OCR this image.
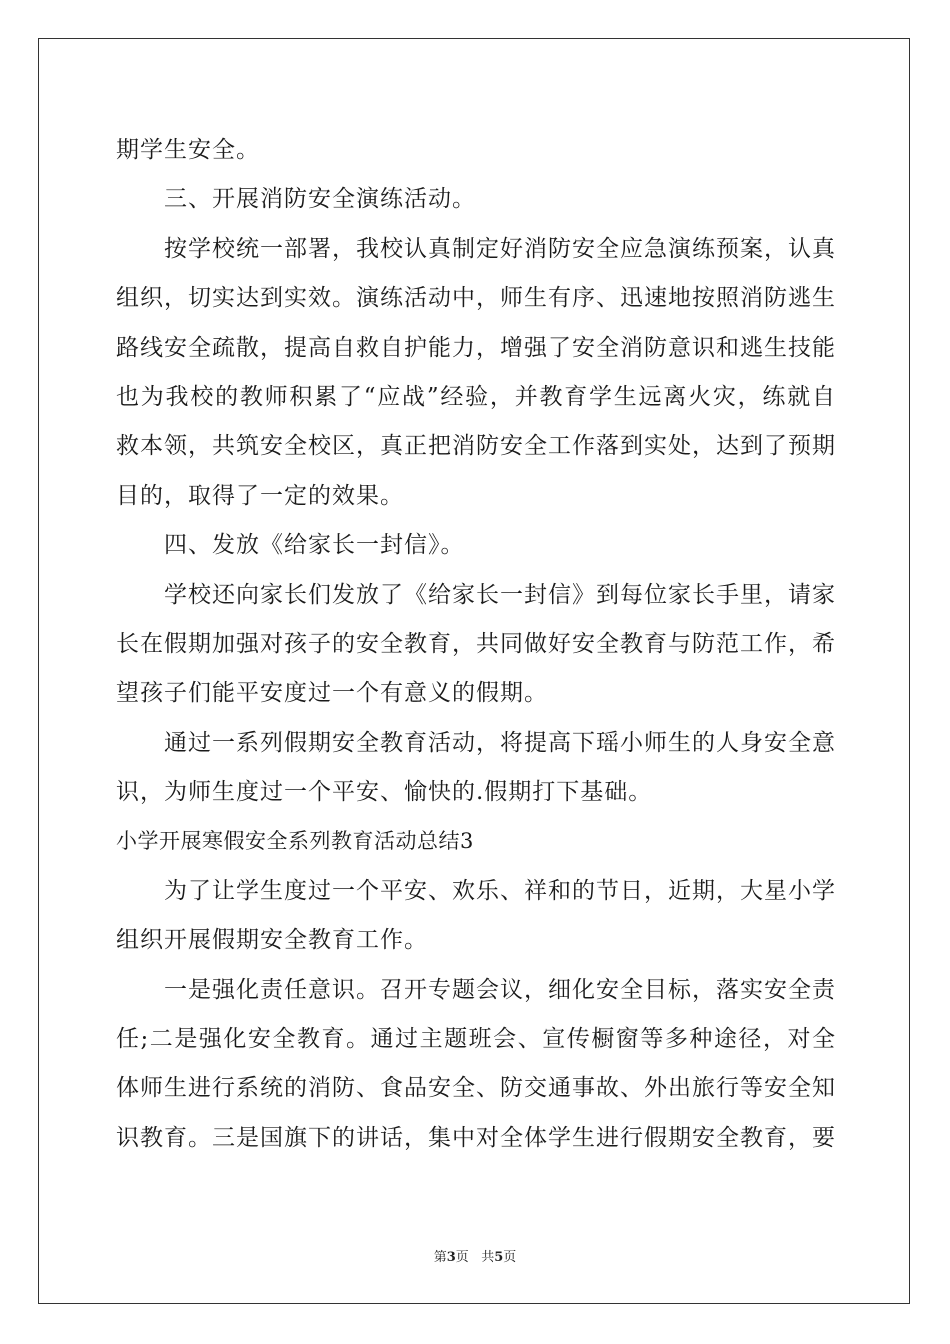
期学生安全。
三、开展消防安全演练活动。
按学校统一部署，我校认真制定好消防安全应急演练预案，认真
组织，切实达到实效。演练活动中，师生有序、迅速地按照消防逃生
路线安全疏散，提高自救自护能力，增强了安全消防意识和逃生技能
也为我校的教师积累了“应战”经验，并教育学生远离火灾，练就自
救本领，共筑安全校区，真正把消防安全工作落到实处，达到了预期
目的，取得了一定的效果。
四、发放《给家长一封信》。
学校还向家长们发放了《给家长一封信》到每位家长手里，请家
长在假期加强对孩子的安全教育，共同做好安全教育与防范工作，希
望孩子们能平安度过一个有意义的假期。
通过一系列假期安全教育活动，将提高下瑶小师生的人身安全意
识，为师生度过一个平安、愉快的.假期打下基础。
小学开展寒假安全系列教育活动总结3
为了让学生度过一个平安、欢乐、祥和的节日，近期，大星小学
组织开展假期安全教育工作。
一是强化责任意识。召开专题会议，细化安全目标，落实安全责
任;二是强化安全教育。通过主题班会、宣传橱窗等多种途径，对全
体师生进行系统的消防、食品安全、防交通事故、外出旅行等安全知
识教育。三是国旗下的讲话，集中对全体学生进行假期安全教育，要
第3页 共5页
